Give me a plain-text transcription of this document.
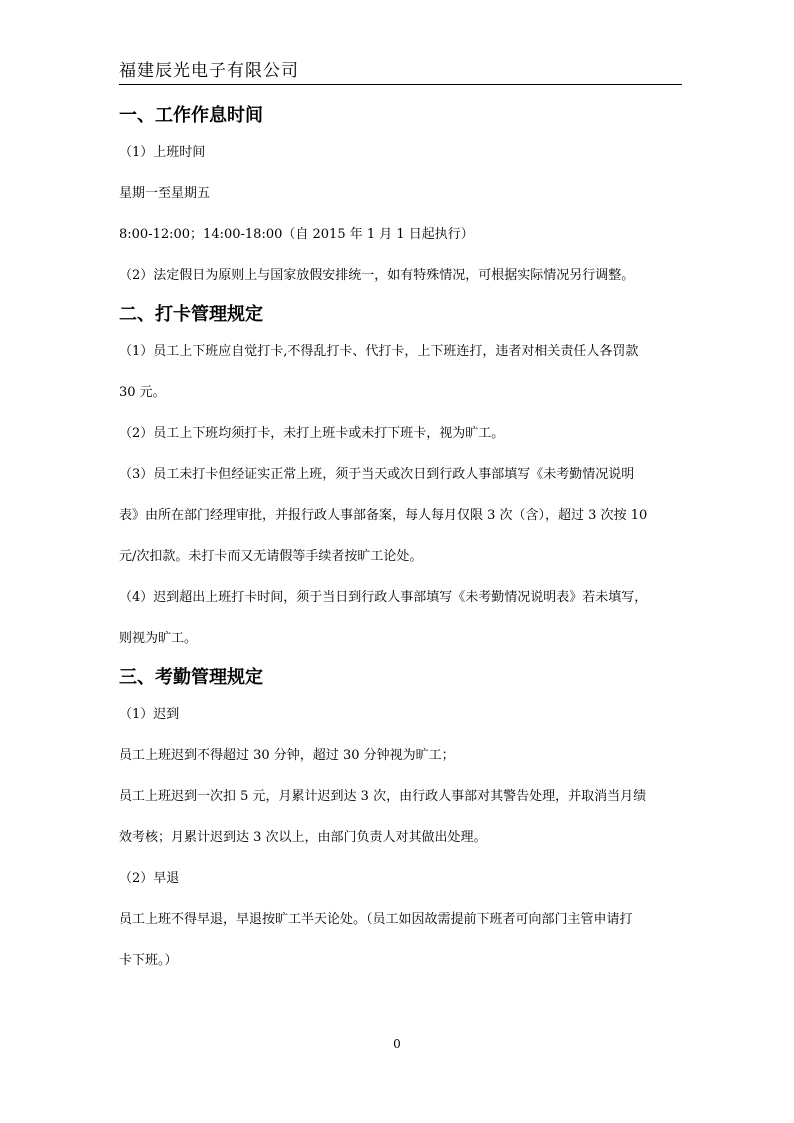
福建辰光电子有限公司
一、工作作息时间
（1）上班时间
星期一至星期五
8:00-12:00；14:00-18:00（自 2015 年 1 月 1 日起执行）
（2）法定假日为原则上与国家放假安排统一，如有特殊情况，可根据实际情况另行调整。
二、打卡管理规定
（1）员工上下班应自觉打卡,不得乱打卡、代打卡，上下班连打，违者对相关责任人各罚款
30 元。
（2）员工上下班均须打卡，未打上班卡或未打下班卡，视为旷工。
（3）员工未打卡但经证实正常上班，须于当天或次日到行政人事部填写《未考勤情况说明
表》由所在部门经理审批，并报行政人事部备案，每人每月仅限 3 次（含），超过 3 次按 10
元/次扣款。未打卡而又无请假等手续者按旷工论处。
（4）迟到超出上班打卡时间，须于当日到行政人事部填写《未考勤情况说明表》若未填写，
则视为旷工。
三、考勤管理规定
（1）迟到
员工上班迟到不得超过 30 分钟，超过 30 分钟视为旷工；
员工上班迟到一次扣 5 元，月累计迟到达 3 次，由行政人事部对其警告处理，并取消当月绩
效考核；月累计迟到达 3 次以上，由部门负责人对其做出处理。
（2）早退
员工上班不得早退，早退按旷工半天论处。（员工如因故需提前下班者可向部门主管申请打
卡下班。）
0
